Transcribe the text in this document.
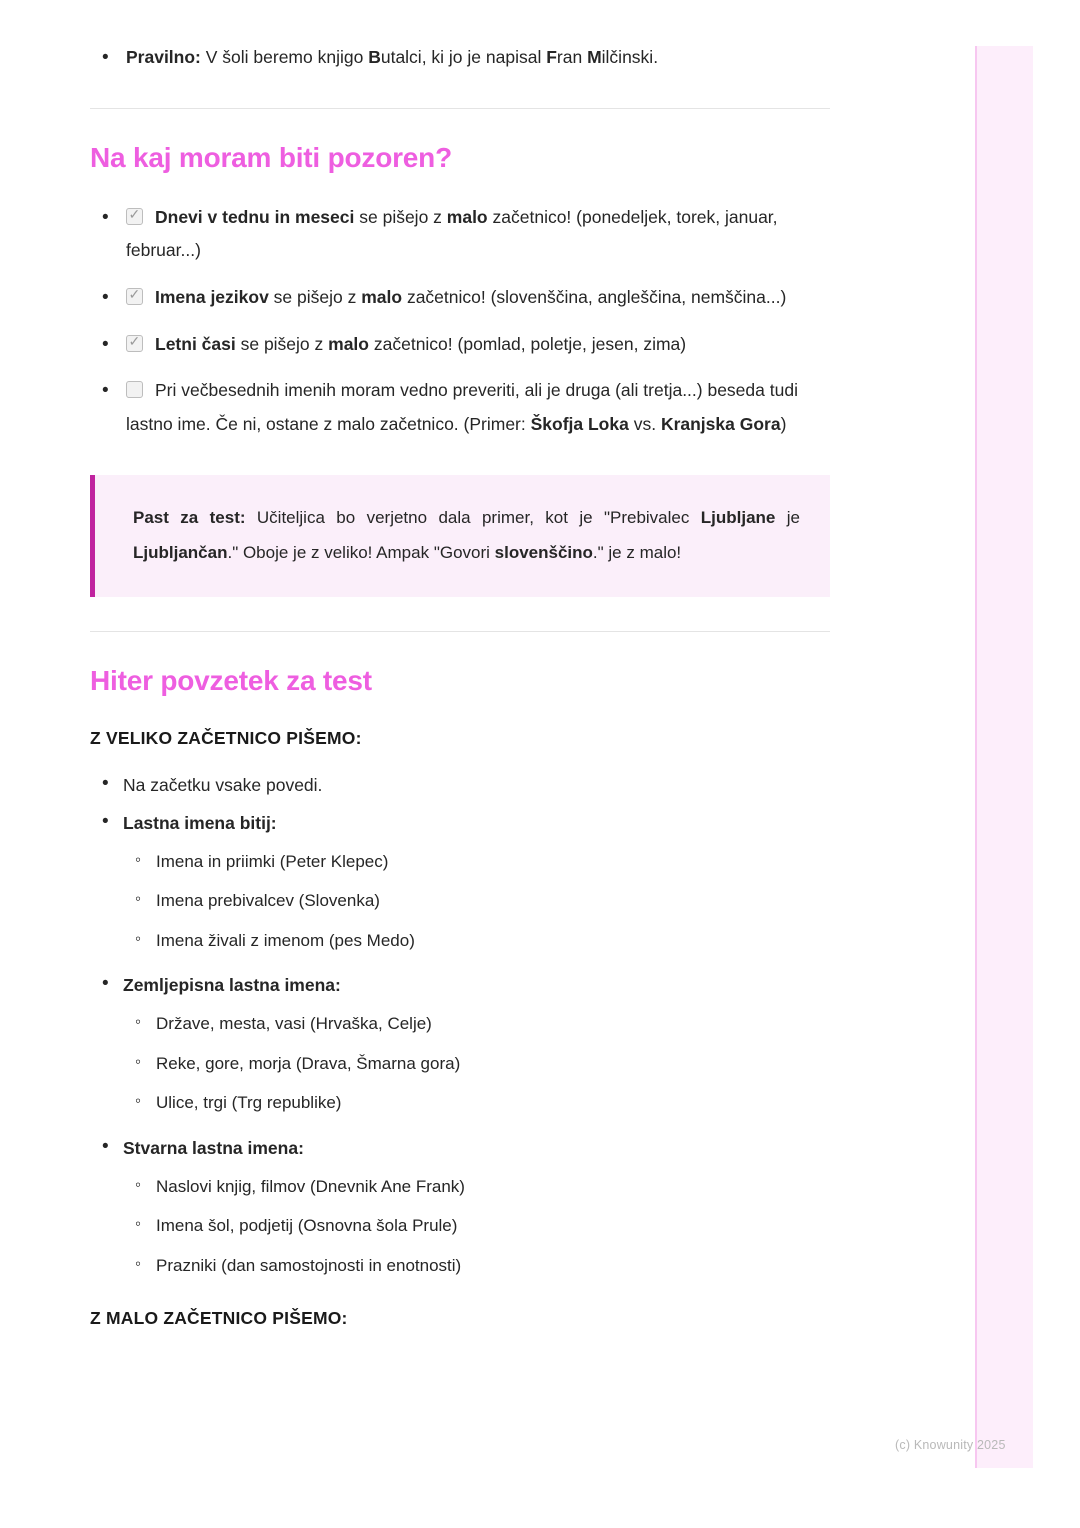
• Pravilno: V šoli beremo knjigo Butalci, ki jo je napisal Fran Milčinski.
Na kaj moram biti pozoren?
✓• Dnevi v tednu in meseci se pišejo z malo začetnico! (ponedeljek, torek, januar, februar...)
✓• Imena jezikov se pišejo z malo začetnico! (slovenščina, angleščina, nemščina...)
✓• Letni časi se pišejo z malo začetnico! (pomlad, poletje, jesen, zima)
• Pri večbesednih imenih moram vedno preveriti, ali je druga (ali tretja...) beseda tudi lastno ime. Če ni, ostane z malo začetnico. (Primer: Škofja Loka vs. Kranjska Gora)
Past za test: Učiteljica bo verjetno dala primer, kot je "Prebivalec Ljubljane je Ljubljančan." Oboje je z veliko! Ampak "Govori slovenščino." je z malo!
Hiter povzetek za test
Z VELIKO ZAČETNICO PIŠEMO:
• Na začetku vsake povedi.
• Lastna imena bitij:
◦ Imena in priimki (Peter Klepec)
◦ Imena prebivalcev (Slovenka)
◦ Imena živali z imenom (pes Medo)
• Zemljepisna lastna imena:
◦ Države, mesta, vasi (Hrvaška, Celje)
◦ Reke, gore, morja (Drava, Šmarna gora)
◦ Ulice, trgi (Trg republike)
• Stvarna lastna imena:
◦ Naslovi knjig, filmov (Dnevnik Ane Frank)
◦ Imena šol, podjetij (Osnovna šola Prule)
◦ Prazniki (dan samostojnosti in enotnosti)
Z MALO ZAČETNICO PIŠEMO:
(c) Knowunity 2025
